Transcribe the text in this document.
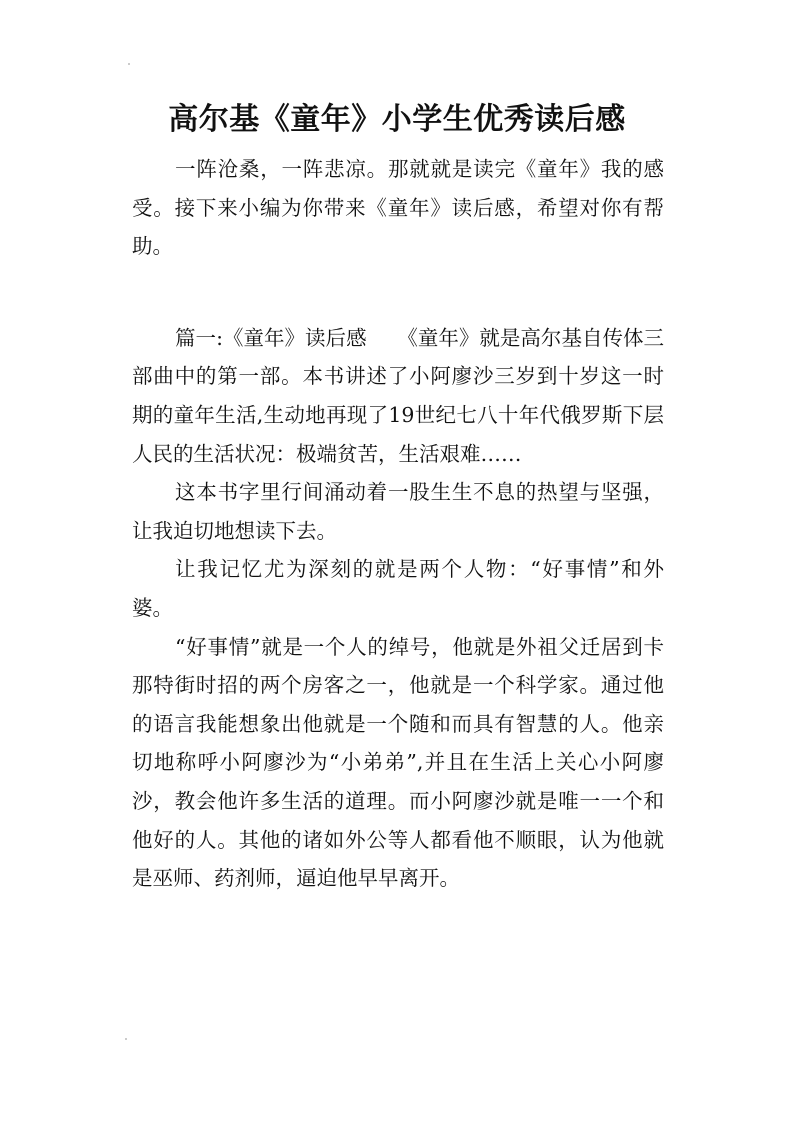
高尔基《童年》小学生优秀读后感

一阵沧桑，一阵悲凉。那就就是读完《童年》我的感受。接下来小编为你带来《童年》读后感，希望对你有帮助。

篇一:《童年》读后感　　《童年》就是高尔基自传体三部曲中的第一部。本书讲述了小阿廖沙三岁到十岁这一时期的童年生活,生动地再现了19世纪七八十年代俄罗斯下层人民的生活状况：极端贫苦，生活艰难……

这本书字里行间涌动着一股生生不息的热望与坚强，让我迫切地想读下去。

让我记忆尤为深刻的就是两个人物：“好事情”和外婆。

“好事情”就是一个人的绰号，他就是外祖父迁居到卡那特街时招的两个房客之一，他就是一个科学家。通过他的语言我能想象出他就是一个随和而具有智慧的人。他亲切地称呼小阿廖沙为“小弟弟”,并且在生活上关心小阿廖沙，教会他许多生活的道理。而小阿廖沙就是唯一一个和他好的人。其他的诸如外公等人都看他不顺眼，认为他就是巫师、药剂师，逼迫他早早离开。
